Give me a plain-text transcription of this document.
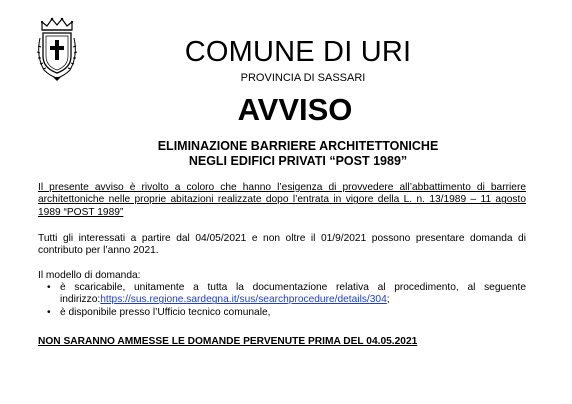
COMUNE DI URI
PROVINCIA DI SASSARI
AVVISO
ELIMINAZIONE BARRIERE ARCHITETTONICHE
NEGLI EDIFICI PRIVATI “POST 1989”
Il presente avviso è rivolto a coloro che hanno l’esigenza di provvedere all’abbattimento di barriere architettoniche nelle proprie abitazioni realizzate dopo l’entrata in vigore della L. n. 13/1989 – 11 agosto 1989 “POST 1989”
Tutti gli interessati a partire dal 04/05/2021 e non oltre il 01/9/2021 possono presentare domanda di contributo per l’anno 2021.
Il modello di domanda:
• è scaricabile, unitamente a tutta la documentazione relativa al procedimento, al seguente indirizzo:https://sus.regione.sardegna.it/sus/searchprocedure/details/304;
• è disponibile presso l’Ufficio tecnico comunale,
NON SARANNO AMMESSE LE DOMANDE PERVENUTE PRIMA DEL 04.05.2021
